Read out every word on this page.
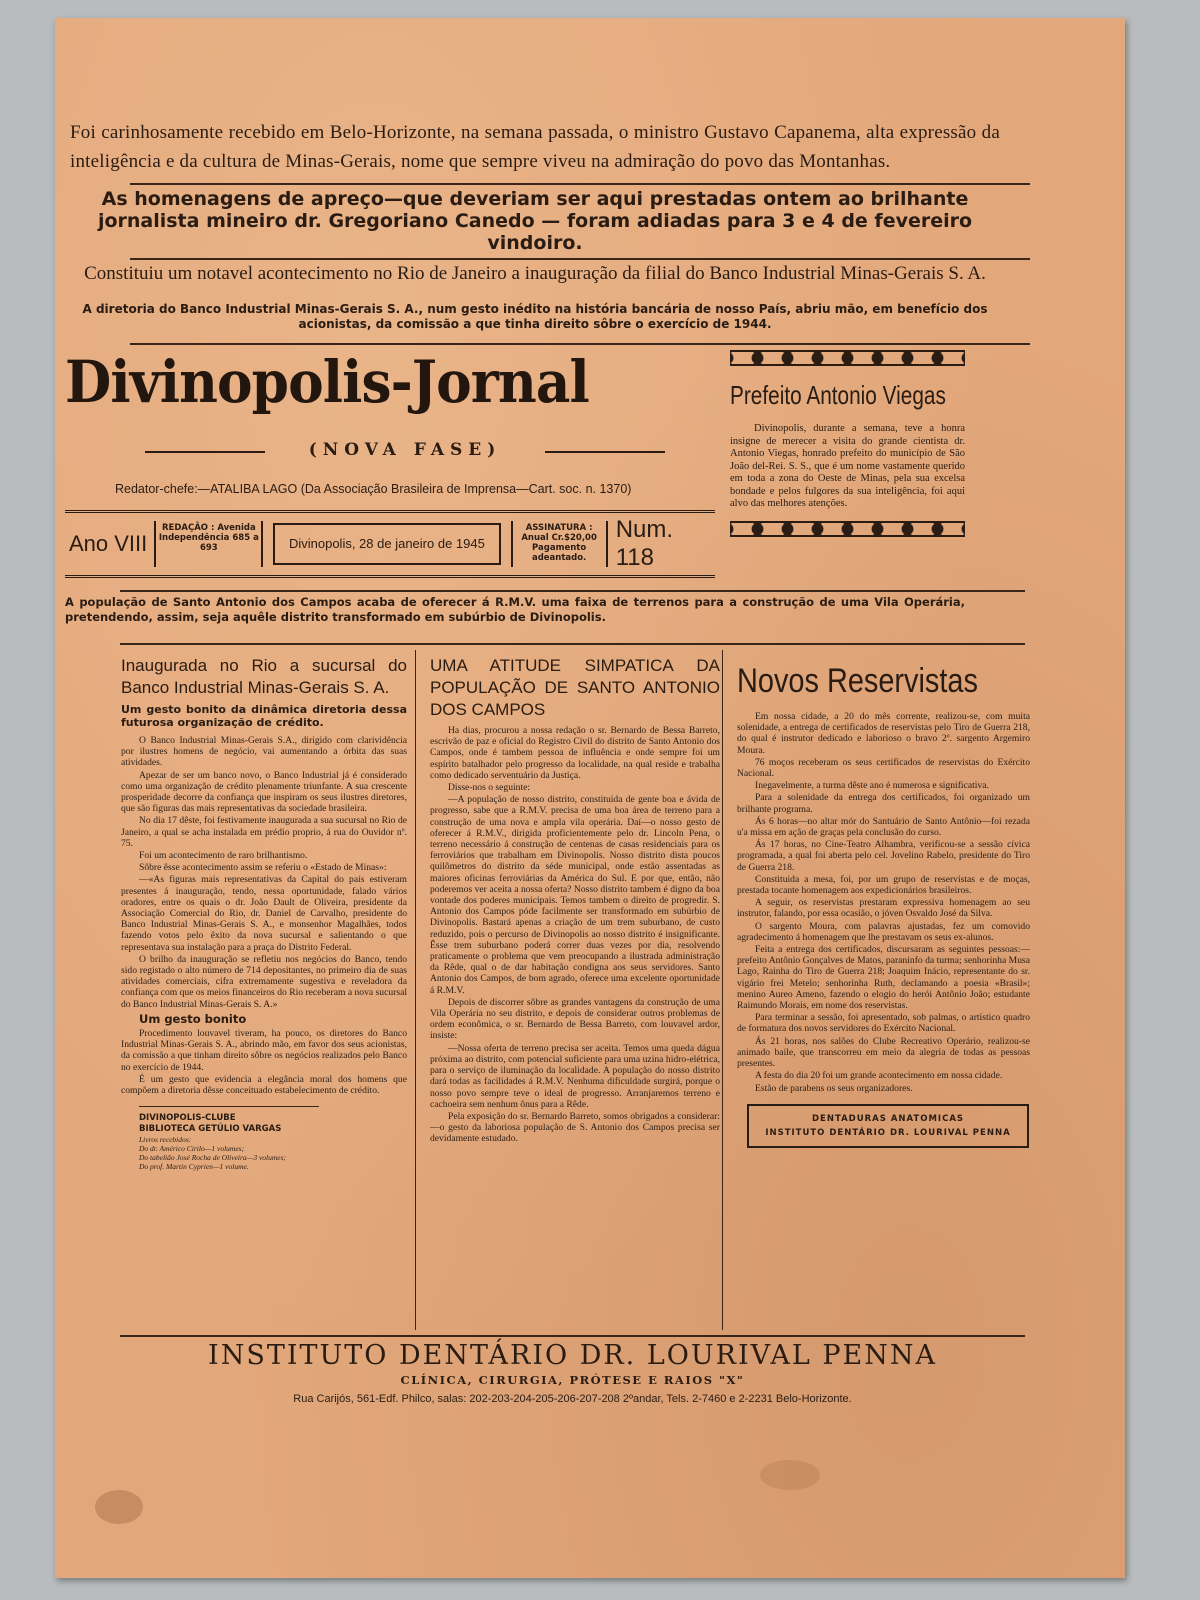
Foi carinhosamente recebido em Belo-Horizonte, na semana passada, o ministro Gustavo Capanema, alta expressão da inteligência e da cultura de Minas-Gerais, nome que sempre viveu na admiração do povo das Montanhas.
As homenagens de apreço—que deveriam ser aqui prestadas ontem ao brilhante jornalista mineiro dr. Gregoriano Canedo — foram adiadas para 3 e 4 de fevereiro vindoiro.
Constituiu um notavel acontecimento no Rio de Janeiro a inauguração da filial do Banco Industrial Minas-Gerais S. A.
A diretoria do Banco Industrial Minas-Gerais S. A., num gesto inédito na história bancária de nosso País, abriu mão, em benefício dos acionistas, da comissão a que tinha direito sôbre o exercício de 1944.
Divinopolis-Jornal
(NOVA FASE)
Redator-chefe:—ATALIBA LAGO (Da Associação Brasileira de Imprensa—Cart. soc. n. 1370)
Ano VIII
REDAÇÃO : Avenida Independência 685 a 693	Divinopolis, 28 de janeiro de 1945
ASSINATURA : Anual Cr.$20,00 Pagamento adeantado.
Num. 118
Prefeito Antonio Viegas
Divinopolis, durante a semana, teve a honra insigne de merecer a visita do grande cientista dr. Antonio Viegas, honrado prefeito do município de São João del-Rei. S. S., que é um nome vastamente querido em toda a zona do Oeste de Minas, pela sua excelsa bondade e pelos fulgores da sua inteligência, foi aqui alvo das melhores atenções.
A população de Santo Antonio dos Campos acaba de oferecer á R.M.V. uma faixa de terrenos para a construção de uma Vila Operária, pretendendo, assim, seja aquêle distrito transformado em subúrbio de Divinopolis.
Inaugurada no Rio a sucursal do Banco Industrial Minas-Gerais S. A.
Um gesto bonito da dinâmica diretoria dessa futurosa organização de crédito.

O Banco Industrial Minas-Gerais S.A., dirigido com clarividência por ilustres homens de negócio, vai aumentando a órbita das suas atividades.

Apezar de ser um banco novo, o Banco Industrial já é considerado como uma organização de crédito plenamente triunfante. A sua crescente prosperidade decorre da confiança que inspiram os seus ilustres diretores, que são figuras das mais representativas da sociedade brasileira.

No dia 17 dêste, foi festivamente inaugurada a sua sucursal no Rio de Janeiro, a qual se acha instalada em prédio proprio, á rua do Ouvidor nº. 75.

Foi um acontecimento de raro brilhantismo.

Sôbre êsse acontecimento assim se referiu o «Estado de Minas»:

—«As figuras mais representativas da Capital do país estiveram presentes á inauguração, tendo, nessa oportunidade, falado vários oradores, entre os quais o dr. João Dault de Oliveira, presidente da Associação Comercial do Rio, dr. Daniel de Carvalho, presidente do Banco Industrial Minas-Gerais S. A., e monsenhor Magalhães, todos fazendo votos pelo êxito da nova sucursal e salientando o que representava sua instalação para a praça do Distrito Federal.

O brilho da inauguração se refletiu nos negócios do Banco, tendo sido registado o alto número de 714 depositantes, no primeiro dia de suas atividades comerciais, cifra extremamente sugestiva e reveladora da confiança com que os meios financeiros do Rio receberam a nova sucursal do Banco Industrial Minas-Gerais S. A.»

Um gesto bonito

Procedimento louvavel tiveram, ha pouco, os diretores do Banco Industrial Minas-Gerais S. A., abrindo mão, em favor dos seus acionistas, da comissão a que tinham direito sôbre os negócios realizados pelo Banco no exercício de 1944.

É um gesto que evidencia a elegância moral dos homens que compõem a diretoria dêsse conceituado estabelecimento de crédito.

DIVINOPOLIS-CLUBE
BIBLIOTECA GETÚLIO VARGAS
Livros recebidos:
Do dr. Américo Cirilo—1 volumes;
Do tabelião José Rocha de Oliveira—3 volumes;
Do prof. Martin Cyprien—1 volume.
UMA ATITUDE SIMPATICA DA POPULAÇÃO DE SANTO ANTONIO DOS CAMPOS

Ha dias, procurou a nossa redação o sr. Bernardo de Bessa Barreto, escrivão de paz e oficial do Registro Civil do distrito de Santo Antonio dos Campos, onde é tambem pessoa de influência e onde sempre foi um espírito batalhador pelo progresso da localidade, na qual reside e trabalha como dedicado serventuário da Justiça.

Disse-nos o seguinte:

—A população de nosso distrito, constituida de gente boa e ávida de progresso, sabe que a R.M.V. precisa de uma boa área de terreno para a construção de uma nova e ampla vila operária. Daí—o nosso gesto de oferecer á R.M.V., dirigida proficientemente pelo dr. Lincoln Pena, o terreno necessário á construção de centenas de casas residenciais para os ferroviários que trabalham em Divinopolis. Nosso distrito dista poucos quilômetros do distrito da séde municipal, onde estão assentadas as maiores oficinas ferroviárias da América do Sul. E por que, então, não poderemos ver aceita a nossa oferta? Nosso distrito tambem é digno da boa vontade dos poderes municipais. Temos tambem o direito de progredir. S. Antonio dos Campos póde facilmente ser transformado em subúrbio de Divinopolis. Bastará apenas a criação de um trem suburbano, de custo reduzido, pois o percurso de Divinopolis ao nosso distrito é insignificante. Êsse trem suburbano poderá correr duas vezes por dia, resolvendo praticamente o problema que vem preocupando a ilustrada administração da Rêde, qual o de dar habitação condigna aos seus servidores. Santo Antonio dos Campos, de bom agrado, oferece uma excelente oportunidade á R.M.V.

Depois de discorrer sôbre as grandes vantagens da construção de uma Vila Operária no seu distrito, e depois de considerar outros problemas de ordem econômica, o sr. Bernardo de Bessa Barreto, com louvavel ardor, insiste:

—Nossa oferta de terreno precisa ser aceita. Temos uma queda dágua próxima ao distrito, com potencial suficiente para uma uzina hidro-elétrica, para o serviço de iluminação da localidade. A população do nosso distrito dará todas as facilidades á R.M.V. Nenhuma dificuldade surgirá, porque o nosso povo sempre teve o ideal de progresso. Arranjaremos terreno e cachoeira sem nenhum ônus para a Rêde.

Pela exposição do sr. Bernardo Barreto, somos obrigados a considerar:—o gesto da laboriosa população de S. Antonio dos Campos precisa ser devidamente estudado.

Novos Reservistas

Em nossa cidade, a 20 do mês corrente, realizou-se, com muita solenidade, a entrega de certificados de reservistas pelo Tiro de Guerra 218, do qual é instrutor dedicado e laborioso o bravo 2º. sargento Argemiro Moura.

76 moços receberam os seus certificados de reservistas do Exército Nacional.

Inegavelmente, a turma dêste ano é numerosa e significativa.

Para a solenidade da entrega dos certificados, foi organizado um brilhante programa.

Ás 6 horas—no altar mór do Santuário de Santo Antônio—foi rezada u'a missa em ação de graças pela conclusão do curso.

Ás 17 horas, no Cine-Teatro Alhambra, verificou-se a sessão cívica programada, a qual foi aberta pelo cel. Jovelino Rabelo, presidente do Tiro de Guerra 218.

Constituida a mesa, foi, por um grupo de reservistas e de moças, prestada tocante homenagem aos expedicionários brasileiros.

A seguir, os reservistas prestaram expressiva homenagem ao seu instrutor, falando, por essa ocasião, o jóven Osvaldo José da Silva.

O sargento Moura, com palavras ajustadas, fez um comovido agradecimento á homenagem que lhe prestavam os seus ex-alunos.

Feita a entrega dos certificados, discursaram as seguintes pessoas:—prefeito Antônio Gonçalves de Matos, paraninfo da turma; senhorinha Musa Lago, Rainha do Tiro de Guerra 218; Joaquim Inácio, representante do sr. vigário frei Metelo; senhorinha Ruth, declamando a poesia «Brasil»; menino Aureo Ameno, fazendo o elogio do herói Antônio João; estudante Raimundo Morais, em nome dos reservistas.

Para terminar a sessão, foi apresentado, sob palmas, o artístico quadro de formatura dos novos servidores do Exército Nacional.

Ás 21 horas, nos salões do Clube Recreativo Operário, realizou-se animado baile, que transcorreu em meio da alegria de todas as pessoas presentes.

A festa do dia 20 foi um grande acontecimento em nossa cidade.

Estão de parabens os seus organizadores.

DENTADURAS ANATOMICAS
INSTITUTO DENTÁRIO DR. LOURIVAL PENNA
INSTITUTO DENTÁRIO DR. LOURIVAL PENNA
CLÍNICA, CIRURGIA, PRÓTESE E RAIOS "X"
Rua Carijós, 561-Edf. Philco, salas: 202-203-204-205-206-207-208 2ºandar, Tels. 2-7460 e 2-2231 Belo-Horizonte.
